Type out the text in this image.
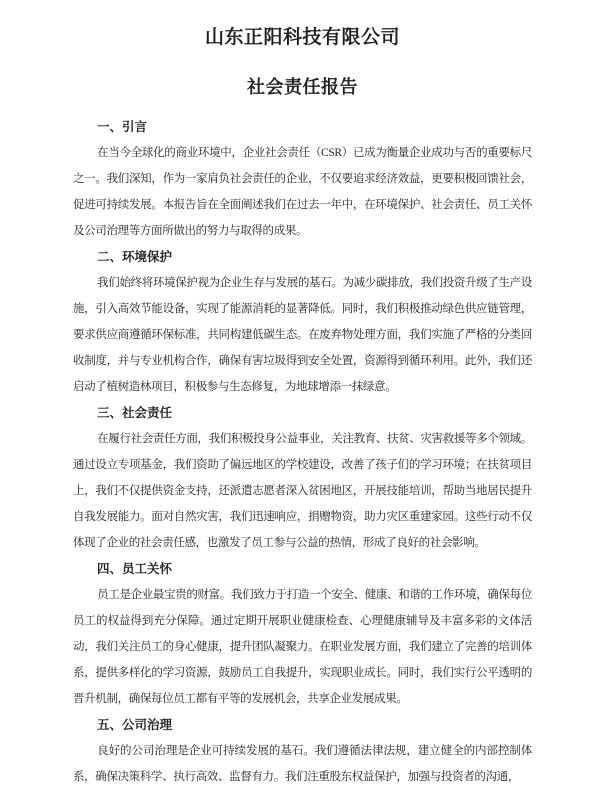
山东正阳科技有限公司
社会责任报告
一、引言

在当今全球化的商业环境中，企业社会责任（CSR）已成为衡量企业成功与否的重要标尺之一。我们深知，作为一家肩负社会责任的企业，不仅要追求经济效益，更要积极回馈社会，促进可持续发展。本报告旨在全面阐述我们在过去一年中，在环境保护、社会责任、员工关怀及公司治理等方面所做出的努力与取得的成果。

二、环境保护

我们始终将环境保护视为企业生存与发展的基石。为减少碳排放，我们投资升级了生产设施，引入高效节能设备，实现了能源消耗的显著降低。同时，我们积极推动绿色供应链管理，要求供应商遵循环保标准，共同构建低碳生态。在废弃物处理方面，我们实施了严格的分类回收制度，并与专业机构合作，确保有害垃圾得到安全处置，资源得到循环利用。此外，我们还启动了植树造林项目，积极参与生态修复，为地球增添一抹绿意。

三、社会责任

在履行社会责任方面，我们积极投身公益事业，关注教育、扶贫、灾害救援等多个领域。通过设立专项基金，我们资助了偏远地区的学校建设，改善了孩子们的学习环境；在扶贫项目上，我们不仅提供资金支持，还派遣志愿者深入贫困地区，开展技能培训，帮助当地居民提升自我发展能力。面对自然灾害，我们迅速响应，捐赠物资，助力灾区重建家园。这些行动不仅体现了企业的社会责任感，也激发了员工参与公益的热情，形成了良好的社会影响。

四、员工关怀

员工是企业最宝贵的财富。我们致力于打造一个安全、健康、和谐的工作环境，确保每位员工的权益得到充分保障。通过定期开展职业健康检查、心理健康辅导及丰富多彩的文体活动，我们关注员工的身心健康，提升团队凝聚力。在职业发展方面，我们建立了完善的培训体系，提供多样化的学习资源，鼓励员工自我提升，实现职业成长。同时，我们实行公平透明的晋升机制，确保每位员工都有平等的发展机会，共享企业发展成果。

五、公司治理

良好的公司治理是企业可持续发展的基石。我们遵循法律法规，建立健全的内部控制体系，确保决策科学、执行高效、监督有力。我们注重股东权益保护，加强与投资者的沟通，
